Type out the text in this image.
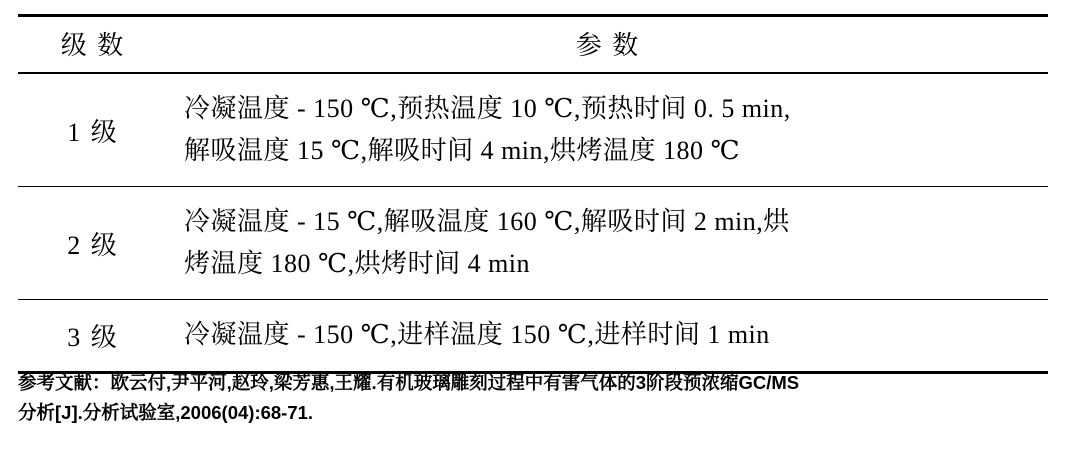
级 数	参 数
1 级	冷凝温度 - 150 ℃,预热温度 10 ℃,预热时间 0. 5 min,
解吸温度 15 ℃,解吸时间 4 min,烘烤温度 180 ℃

2 级	冷凝温度 - 15 ℃,解吸温度 160 ℃,解吸时间 2 min,烘
烤温度 180 ℃,烘烤时间 4 min

3 级	冷凝温度 - 150 ℃,进样温度 150 ℃,进样时间 1 min
参考文献：欧云付,尹平河,赵玲,梁芳惠,王耀.有机玻璃雕刻过程中有害气体的3阶段预浓缩GC/MS
分析[J].分析试验室,2006(04):68-71.
